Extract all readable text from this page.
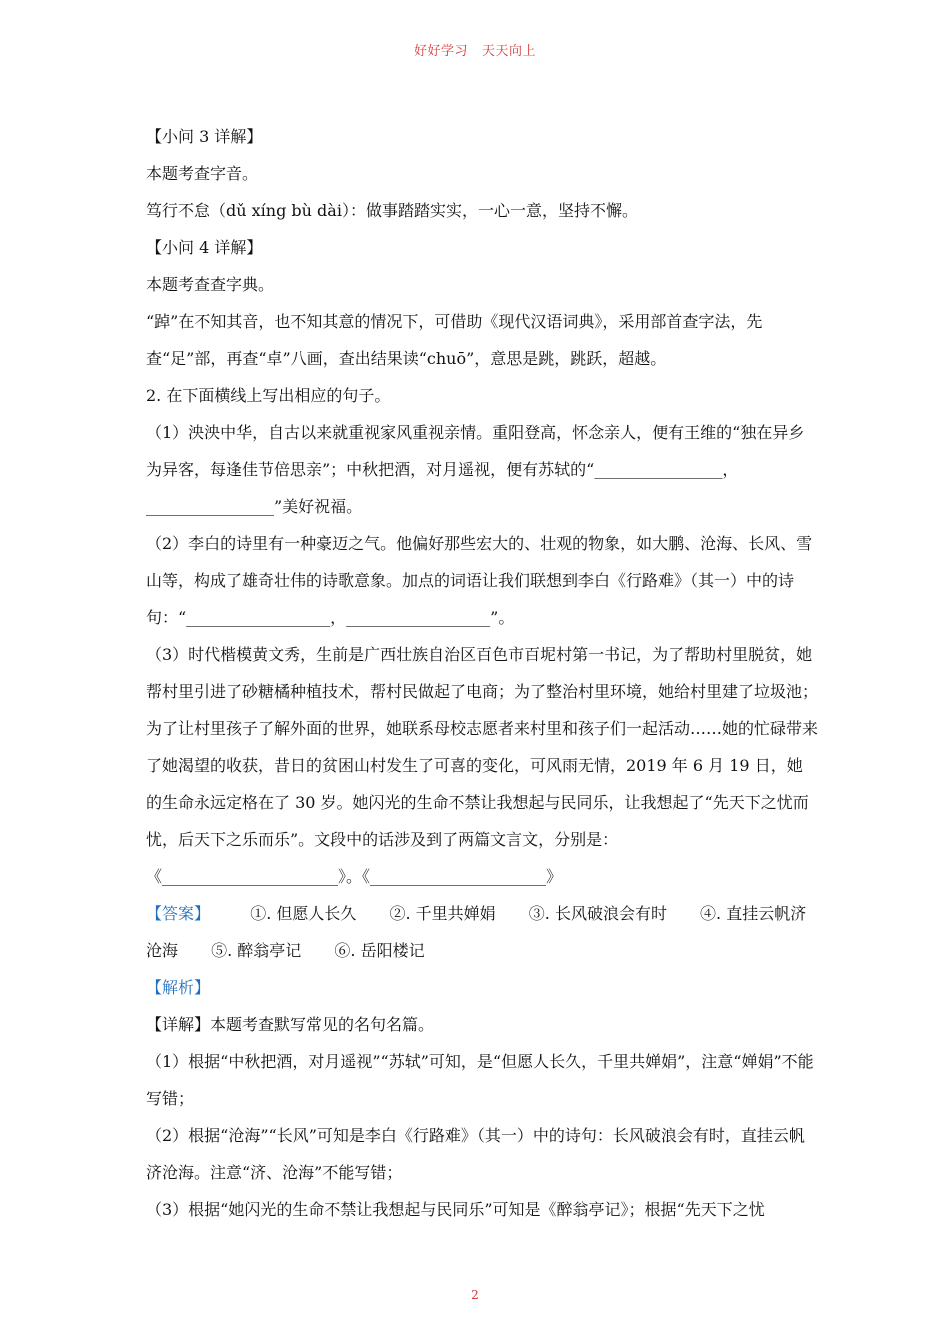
好好学习   天天向上

【小问 3 详解】

本题考查字音。

笃行不怠（dǔ xíng bù dài）：做事踏踏实实，一心一意，坚持不懈。

【小问 4 详解】

本题考查查字典。

“踔”在不知其音，也不知其意的情况下，可借助《现代汉语词典》，采用部首查字法，先查“足”部，再查“卓”八画，查出结果读“chuō”，意思是跳，跳跃，超越。

2. 在下面横线上写出相应的句子。

（1）泱泱中华，自古以来就重视家风重视亲情。重阳登高，怀念亲人，便有王维的“独在异乡为异客，每逢佳节倍思亲”；中秋把酒，对月遥视，便有苏轼的“________________，________________”美好祝福。

（2）李白的诗里有一种豪迈之气。他偏好那些宏大的、壮观的物象，如大鹏、沧海、长风、雪山等，构成了雄奇壮伟的诗歌意象。加点的词语让我们联想到李白《行路难》（其一）中的诗句：“__________________，__________________”。

（3）时代楷模黄文秀，生前是广西壮族自治区百色市百坭村第一书记，为了帮助村里脱贫，她帮村里引进了砂糖橘种植技术，帮村民做起了电商；为了整治村里环境，她给村里建了垃圾池；为了让村里孩子了解外面的世界，她联系母校志愿者来村里和孩子们一起活动……她的忙碌带来了她渴望的收获，昔日的贫困山村发生了可喜的变化，可风雨无情，2019 年 6 月 19 日，她的生命永远定格在了 30 岁。她闪光的生命不禁让我想起与民同乐，让我想起了“先天下之忧而忧，后天下之乐而乐”。文段中的话涉及到了两篇文言文，分别是：

《______________________》。《______________________》

【答案】	①. 但愿人长久 ②. 千里共婵娟 ③. 长风破浪会有时 ④. 直挂云帆济沧海 ⑤. 醉翁亭记 ⑥. 岳阳楼记

【解析】

【详解】本题考查默写常见的名句名篇。

（1）根据“中秋把酒，对月遥视”“苏轼”可知，是“但愿人长久，千里共婵娟”，注意“婵娟”不能写错；

（2）根据“沧海”“长风”可知是李白《行路难》（其一）中的诗句：长风破浪会有时，直挂云帆济沧海。注意“济、沧海”不能写错；

（3）根据“她闪光的生命不禁让我想起与民同乐”可知是《醉翁亭记》；根据“先天下之忧

2
